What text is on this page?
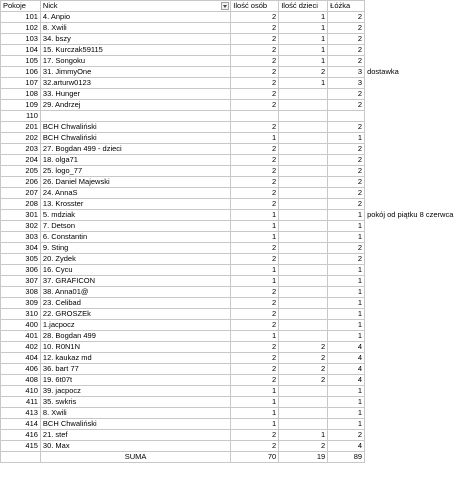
Pokoje	Nick	Ilość osób	Ilość dzieci	Łóżka	
101	4. Anpio	2	1	2	
102	8. Xwili	2	1	2	
103	34. bszy	2	1	2	
104	15. Kurczak59115	2	1	2	
105	17. Songoku	2	1	2	
106	31. JimmyOne	2	2	3	dostawka
107	32.arturw0123	2	1	3	
108	33. Hunger	2		2	
109	29. Andrzej	2		2	
110					
201	BCH Chwaliński	2		2	
202	BCH Chwaliński	1		1	
203	27. Bogdan 499 - dzieci	2		2	
204	18. olga71	2		2	
205	25. logo_77	2		2	
206	26. Daniel Majewski	2		2	
207	24. AnnaS	2		2	
208	13. Krosster	2		2	
301	5. mdziak	1		1	pokój od piątku 8 czerwca
302	7. Detson	1		1	
303	6. Constantin	1		1	
304	9. Sting	2		2	
305	20. Zydek	2		2	
306	16. Cycu	1		1	
307	37. GRAFICON	1		1	
308	38. Anna01@	2		1	
309	23. Celibad	2		1	
310	22. GROSZEk	2		1	
400	1.jacpocz	2		1	
401	28. Bogdan 499	1		1	
402	10. R0N1N	2	2	4	
404	12. kaukaz md	2	2	4	
406	36. bart 77	2	2	4	
408	19. 6t07t	2	2	4	
410	39. jacpocz	1		1	
411	35. swkris	1		1	
413	8. Xwili	1		1	
414	BCH Chwaliński	1		1	
416	21. stef	2	1	2	
415	30. Max	2	2	4	
	SUMA	70	19	89	
